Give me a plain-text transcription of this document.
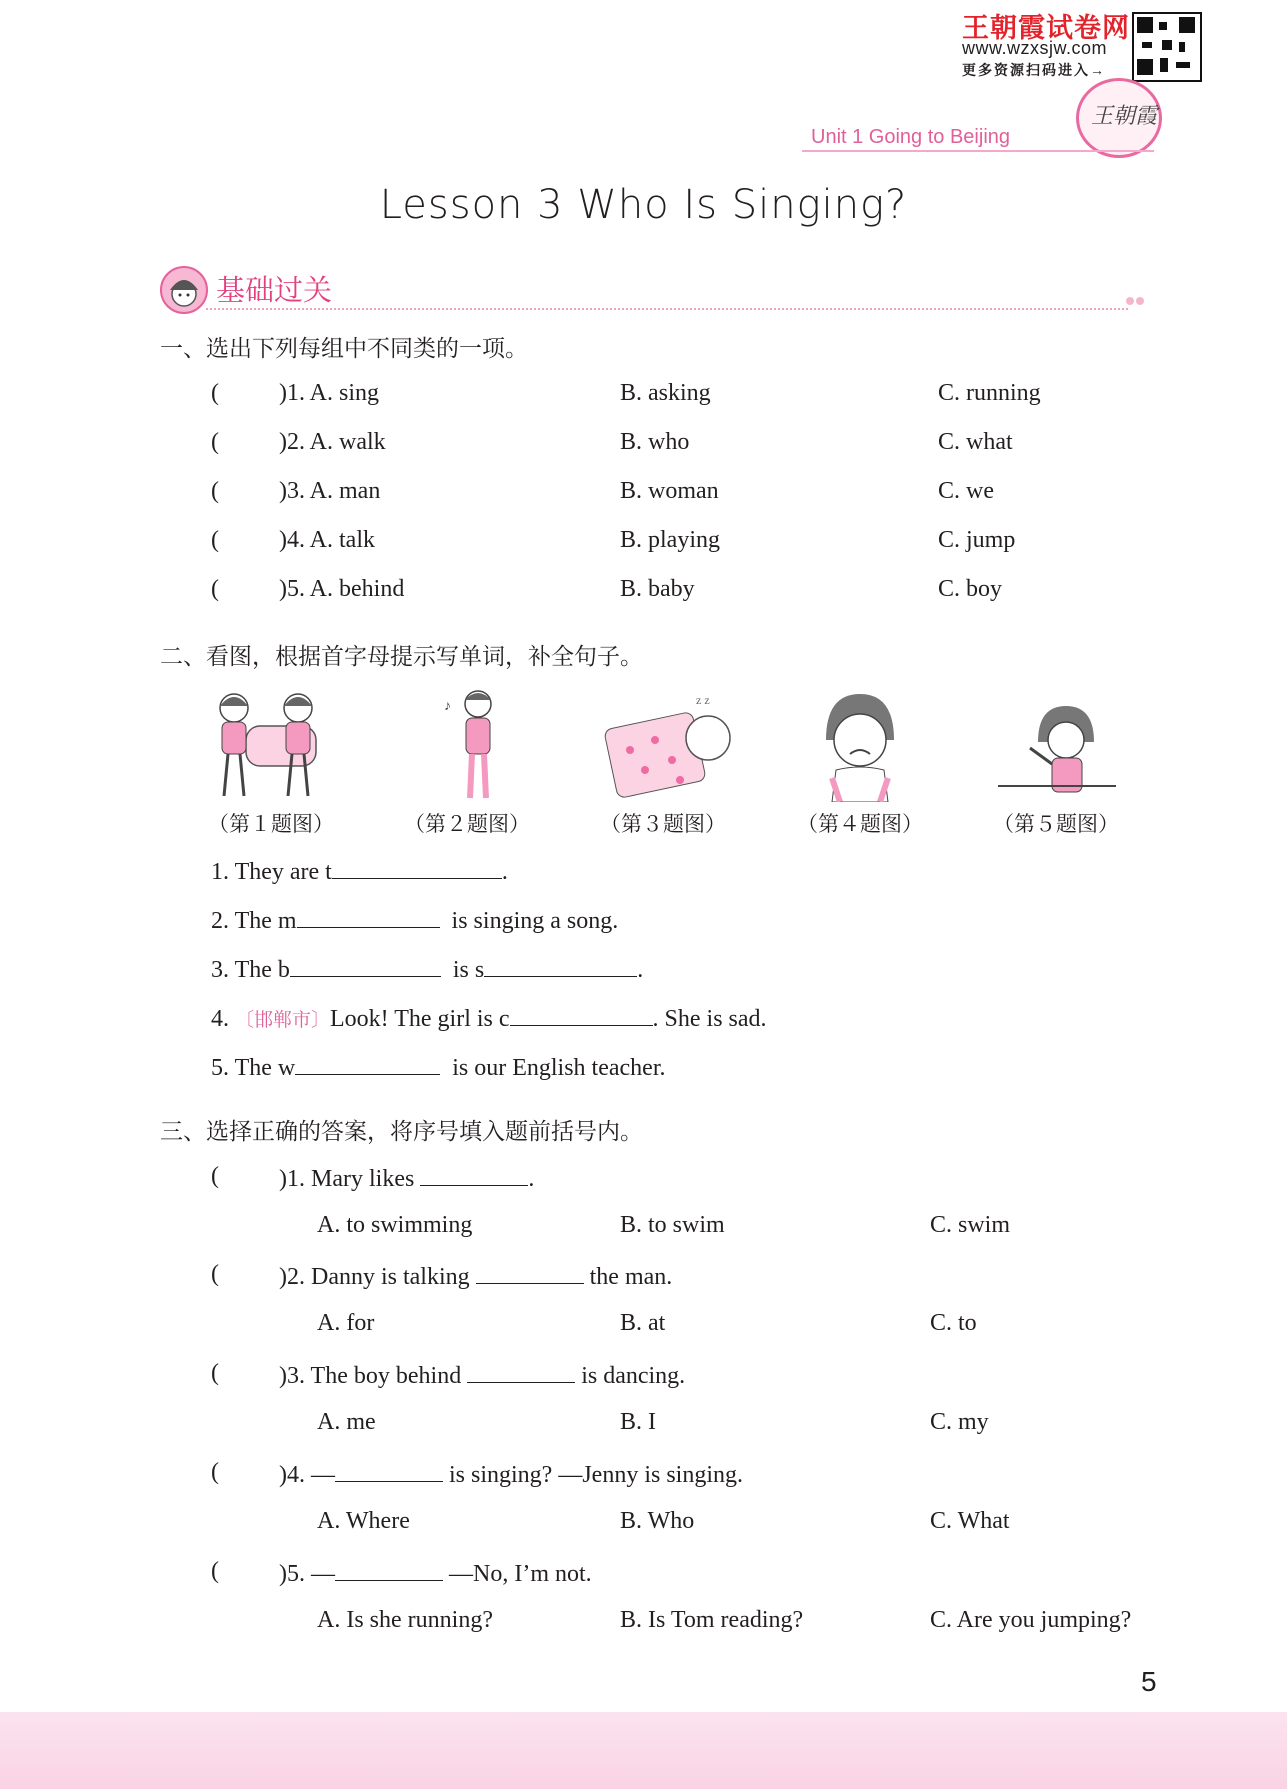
王朝霞试卷网
www.wzxsjw.com
更多资源扫码进入→
王朝霞
Unit 1 Going to Beijing
Lesson 3 Who Is Singing?
基础过关
一、选出下列每组中不同类的一项。
(	)1. A. sing	B. asking	C. running
(	)2. A. walk	B. who	C. what
(	)3. A. man	B. woman	C. we
(	)4. A. talk	B. playing	C. jump
(	)5. A. behind	B. baby	C. boy
二、看图，根据首字母提示写单词，补全句子。
♪	z z
（第１题图）	（第２题图）	（第３题图）	（第４题图）	（第５题图）
1. They are t	.
2. The m	is singing a song.
3. The b	is s	.
4. 〔邯郸市〕Look! The girl is c	. She is sad.
5. The w	is our English teacher.
三、选择正确的答案，将序号填入题前括号内。
(	)1. Mary likes	.
A. to swimming	B. to swim	C. swim
(	)2. Danny is talking	the man.
A. for	B. at	C. to
(	)3. The boy behind	is dancing.
A. me	B. I	C. my
(	)4. —	is singing? —Jenny is singing.
A. Where	B. Who	C. What
(	)5. —	—No, I’m not.
A. Is she running?	B. Is Tom reading?	C. Are you jumping?
5
